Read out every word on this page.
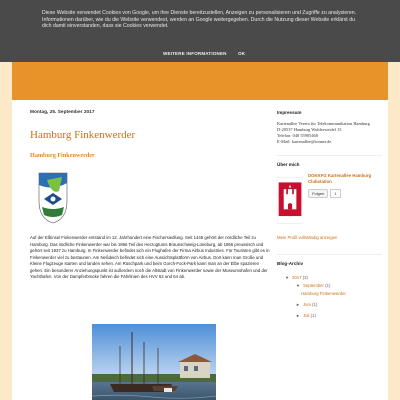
Diese Website verwendet Cookies von Google, um ihre Dienste bereitzustellen, Anzeigen zu personalisieren und Zugriffe zu analysieren. Informationen darüber, wie du die Website verwendest, werden an Google weitergegeben. Durch die Nutzung dieser Website erklärst du dich damit einverstanden, dass sie Cookies verwendet.
WEITERE INFORMATIONEN	OK
Montag, 25. September 2017
Hamburg Finkenwerder
Hamburg Finkenwerder
Auf der Elbinsel Finkenwerder entstand im 12. Jahrhundert eine Fischersiedlung. Seit 1445 gehört der nördliche Teil zu Hamburg. Das südliche Finkenwerder war bis 1866 Teil des Herzogtums Braunschweig-Lüneburg, ab 1866 preussisch und gehört seit 1937 zu Hamburg. In Finkenwerder befindet sich ein Flughafen der Firma Airbus Industries. Für Touristen gibt es in Finkenwerder viel zu bestaunen. Am Neßdeich befindet sich eine Aussichtsplattform von Airbus. Dort kann man Große und Kleine Flugzeuge starten und landen sehen. Am Rüschpark und beim Gorch-Fock-Park kann man an der Elbe spazieren gehen. Ein besonderer Anziehungspunkt ist außerdem noch die Altstadt von Finkenwerder sowie der Museumshafen und der Yachthafen. Von der Dampferbrücke fahren die Fährlinien des HVV 62 und 64 ab.
Impressum

Kartenallee Verein für Telekommunikation Hamburg

D-20537 Hamburg Wuhlerweidel 15

Telefon: 040 55905468

E-Mail: kartenallee@tonnet.de

Über mich
DOKKFG Kartenallee Hamburg Clubstation
Folgen	1
Mein Profil vollständig anzeigen
Blog-Archiv
▼ 2017 (3)
▼ September (1)
Hamburg Finkenwerder
► Juni (1)
► Juli (1)
